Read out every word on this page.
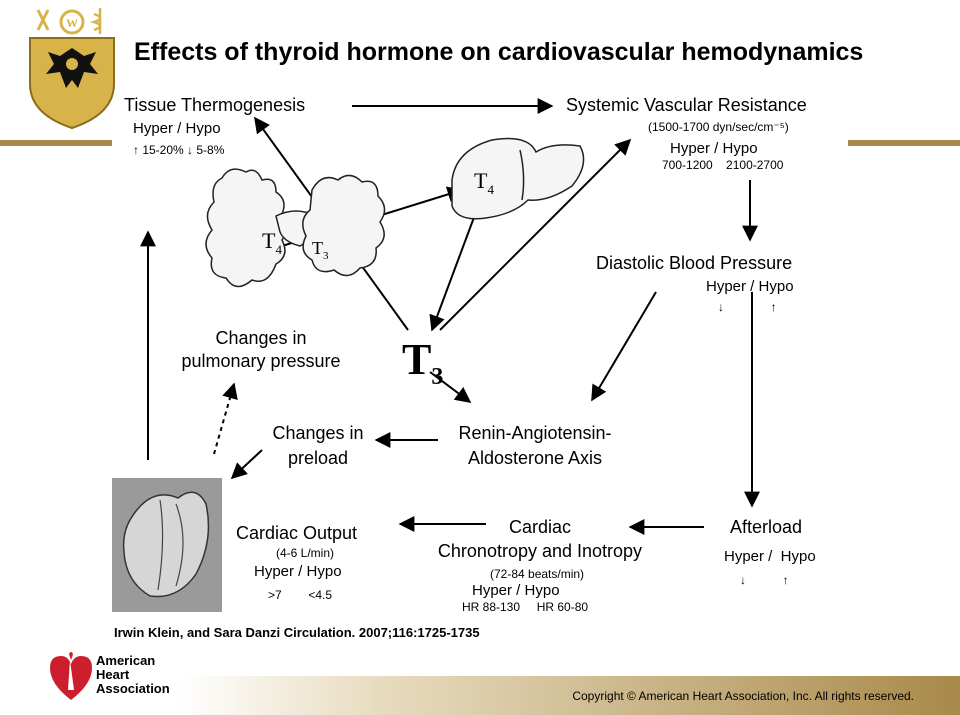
W
Effects of thyroid hormone on cardiovascular hemodynamics
$T_4$ $T_3$
$T_4$
Tissue Thermogenesis
Hyper / Hypo
↑ 15-20% ↓ 5-8%
Systemic Vascular Resistance
(1500-1700 dyn/sec/cm⁻⁵)
Hyper / Hypo
700-1200    2100-2700
Diastolic Blood Pressure
Hyper / Hypo
↓              ↑
Changes in
pulmonary pressure	$T_3$
Changes in
preload
Renin-Angiotensin-
Aldosterone Axis
Cardiac Output
(4-6 L/min)
Hyper / Hypo
>7        <4.5
Cardiac
Chronotropy and Inotropy
(72-84 beats/min)
Hyper / Hypo
HR 88-130     HR 60-80
Afterload
Hyper /  Hypo
↓           ↑
Irwin Klein, and Sara Danzi Circulation. 2007;116:1725-1735
Copyright © American Heart Association, Inc. All rights reserved.
American
Heart
Association
